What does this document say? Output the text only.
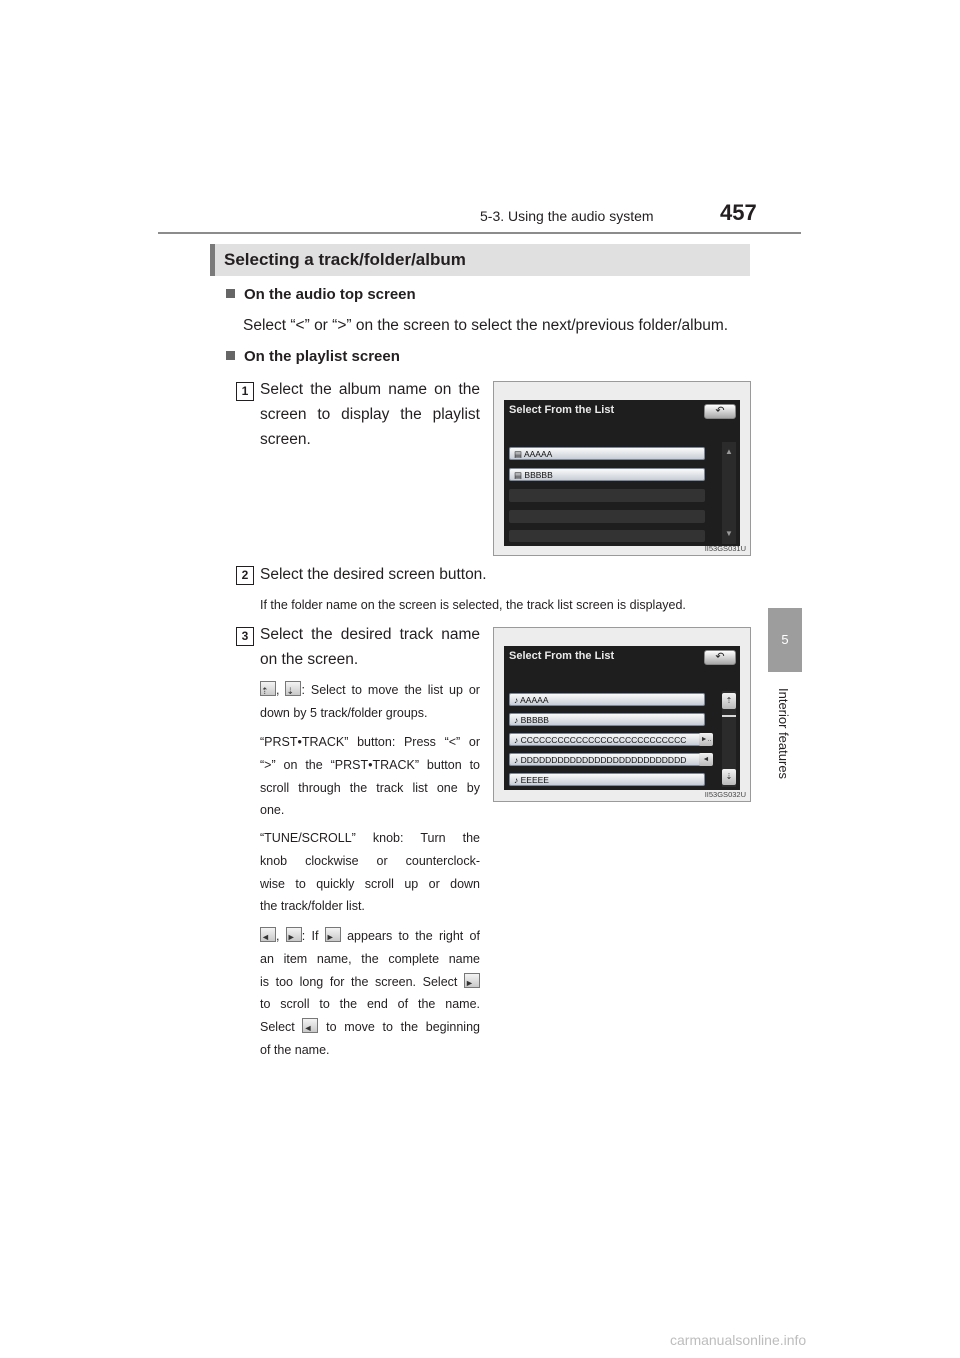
5-3. Using the audio system	457
5
Interior features
Selecting a track/folder/album
On the audio top screen
Select “<” or “>” on the screen to select the next/previous folder/album.
On the playlist screen
1 Select the album name on the
screen to display the playlist
screen.
Select From the List	↶
▤ AAAAA
▤ BBBBB
▲
▼
II53GS031U
2 Select the desired screen button.
If the folder name on the screen is selected, the track list screen is displayed.
3 Select the desired track name
on the screen.
⇡ , ⇣ : Select to move the list up or
down by 5 track/folder groups.
“PRST•TRACK” button: Press “<” or
“>” on the “PRST•TRACK” button to
scroll through the track list one by
one.
“TUNE/SCROLL” knob: Turn the
knob clockwise or counterclock-
wise to quickly scroll up or down
the track/folder list.
◄ , ► : If ► appears to the right of
an item name, the complete name
is too long for the screen. Select ►
to scroll to the end of the name.
Select ◄	to move to the beginning
of the name.
Select From the List	↶
♪ AAAAA
♪ BBBBB
♪ CCCCCCCCCCCCCCCCCCCCCCCCCCC	►..
♪ DDDDDDDDDDDDDDDDDDDDDDDDDDD	◄
♪ EEEEE
⇡
⇣
II53GS032U
carmanualsonline.info
